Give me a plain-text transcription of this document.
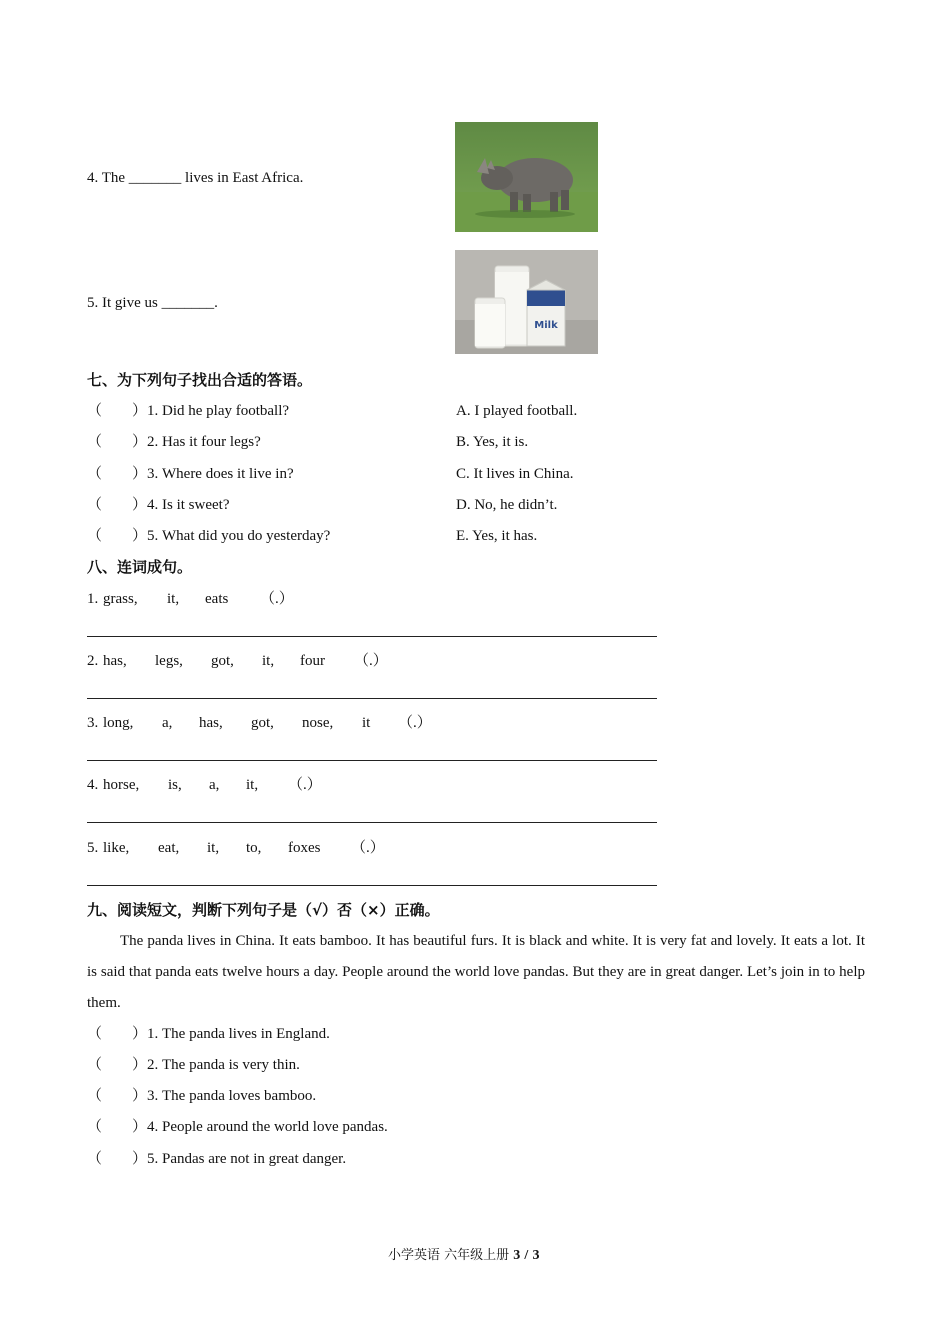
4. The _______ lives in East Africa.
5. It give us _______.
Milk
七、为下列句子找出合适的答语。
（        ）1. Did he play football?
（        ）2. Has it four legs?
（        ）3. Where does it live in?
（        ）4. Is it sweet?
（        ）5. What did you do yesterday?
A. I played football.
B. Yes, it is.
C. It lives in China.
D. No, he didn’t.
E. Yes, it has.
八、连词成句。
1. grass, it, eats （.）
2. has, legs, got, it, four （.）
3. long, a, has, got, nose, it （.）
4. horse, is, a, it, （.）
5. like, eat, it, to, foxes （.）
九、阅读短文，判断下列句子是（√）否（×）正确。
The panda lives in China. It eats bamboo. It has beautiful furs. It is black and white. It is very fat and lovely. It eats a lot. It is said that panda eats twelve hours a day. People around the world love pandas. But they are in great danger. Let’s join in to help them.
（        ）1. The panda lives in England.
（        ）2. The panda is very thin.
（        ）3. The panda loves bamboo.
（        ）4. People around the world love pandas.
（        ）5. Pandas are not in great danger.
小学英语 六年级上册 3 / 3
